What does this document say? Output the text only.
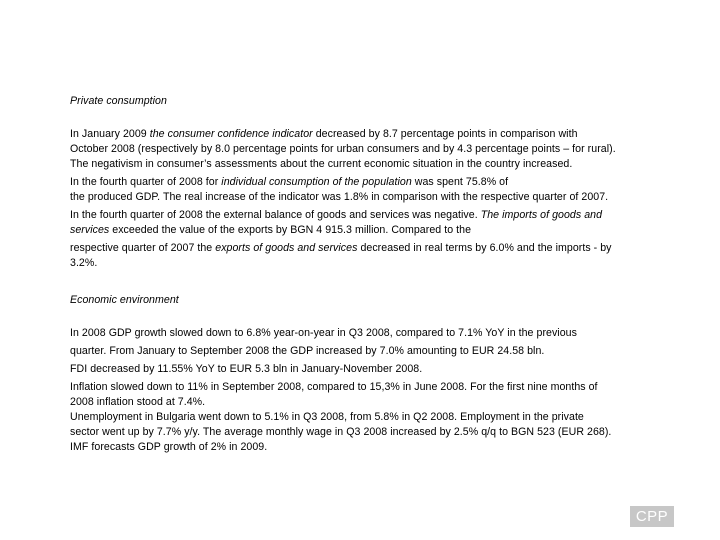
Private consumption

In January 2009 the consumer confidence indicator decreased by 8.7 percentage points in comparison with

October 2008 (respectively by 8.0 percentage points for urban consumers and by 4.3 percentage points – for rural).

The negativism in consumer’s assessments about the current economic situation in the country increased.

In the fourth quarter of 2008 for individual consumption of the population was spent 75.8% of

the produced GDP. The real increase of the indicator was 1.8% in comparison with the respective quarter of 2007.

In the fourth quarter of 2008 the external balance of goods and services was negative. The imports of goods and

services exceeded the value of the exports by BGN 4 915.3 million. Compared to the

respective quarter of 2007 the exports of goods and services decreased in real terms by 6.0% and the imports - by

3.2%.

Economic environment

In 2008 GDP growth slowed down to 6.8% year-on-year in Q3 2008, compared to 7.1% YoY in the previous

quarter. From January to September 2008 the GDP increased by 7.0% amounting to EUR 24.58 bln.

FDI decreased by 11.55% YoY to EUR 5.3 bln in January-November 2008.

Inflation slowed down to 11% in September 2008, compared to 15,3% in June 2008. For the first nine months of

2008 inflation stood at 7.4%.

Unemployment in Bulgaria went down to 5.1% in Q3 2008, from 5.8% in Q2 2008. Employment in the private

sector went up by 7.7% y/y. The average monthly wage in Q3 2008 increased by 2.5% q/q to BGN 523 (EUR 268).

IMF forecasts GDP growth of 2% in 2009.

CPP
